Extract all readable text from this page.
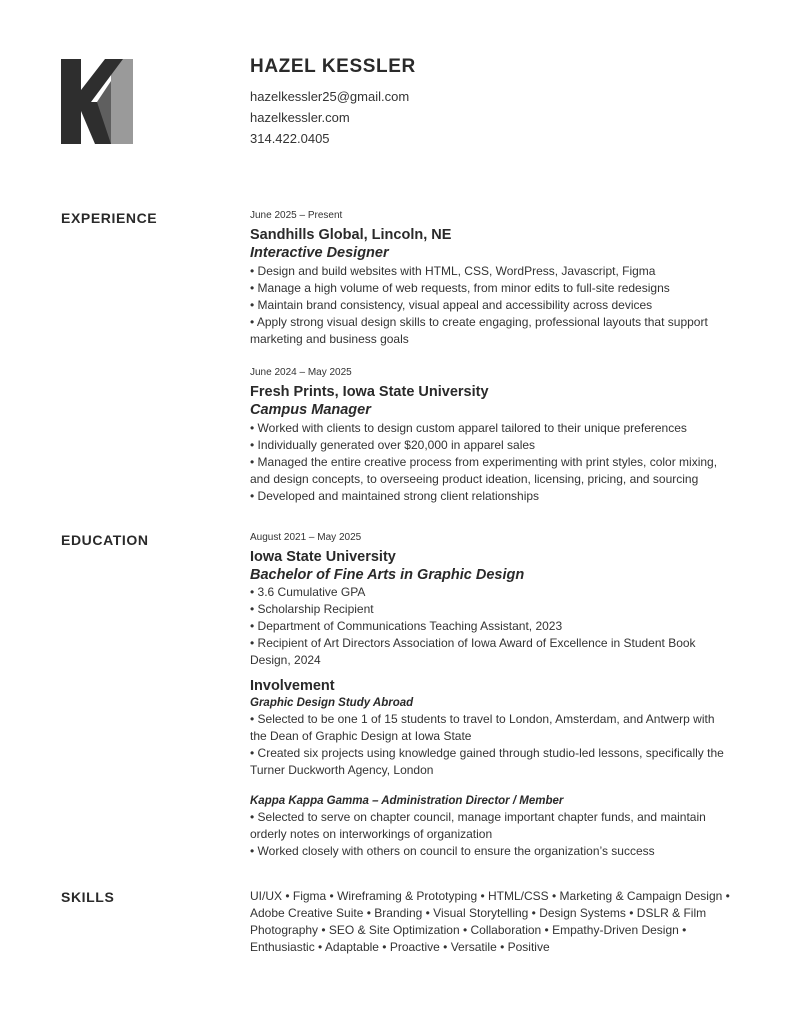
HAZEL KESSLER
hazelkessler25@gmail.com
hazelkessler.com
314.422.0405
EXPERIENCE	June 2025 – Present
Sandhills Global, Lincoln, NE
Interactive Designer
• Design and build websites with HTML, CSS, WordPress, Javascript, Figma
• Manage a high volume of web requests, from minor edits to full-site redesigns
• Maintain brand consistency, visual appeal and accessibility across devices
• Apply strong visual design skills to create engaging, professional layouts that support marketing and business goals
June 2024 – May 2025
Fresh Prints, Iowa State University
Campus Manager
• Worked with clients to design custom apparel tailored to their unique preferences
• Individually generated over $20,000 in apparel sales
• Managed the entire creative process from experimenting with print styles, color mixing, and design concepts, to overseeing product ideation, licensing, pricing, and sourcing
• Developed and maintained strong client relationships
EDUCATION	August 2021 – May 2025
Iowa State University
Bachelor of Fine Arts in Graphic Design
• 3.6 Cumulative GPA
• Scholarship Recipient
• Department of Communications Teaching Assistant, 2023
• Recipient of Art Directors Association of Iowa Award of Excellence in Student Book Design, 2024
Involvement
Graphic Design Study Abroad
• Selected to be one 1 of 15 students to travel to London, Amsterdam, and Antwerp with the Dean of Graphic Design at Iowa State
• Created six projects using knowledge gained through studio-led lessons, specifically the Turner Duckworth Agency, London
Kappa Kappa Gamma – Administration Director / Member
• Selected to serve on chapter council, manage important chapter funds, and maintain orderly notes on interworkings of organization
• Worked closely with others on council to ensure the organization’s success
SKILLS	UI/UX • Figma • Wireframing & Prototyping • HTML/CSS • Marketing & Campaign Design • Adobe Creative Suite • Branding • Visual Storytelling • Design Systems • DSLR & Film Photography • SEO & Site Optimization • Collaboration • Empathy-Driven Design • Enthusiastic • Adaptable • Proactive • Versatile • Positive
